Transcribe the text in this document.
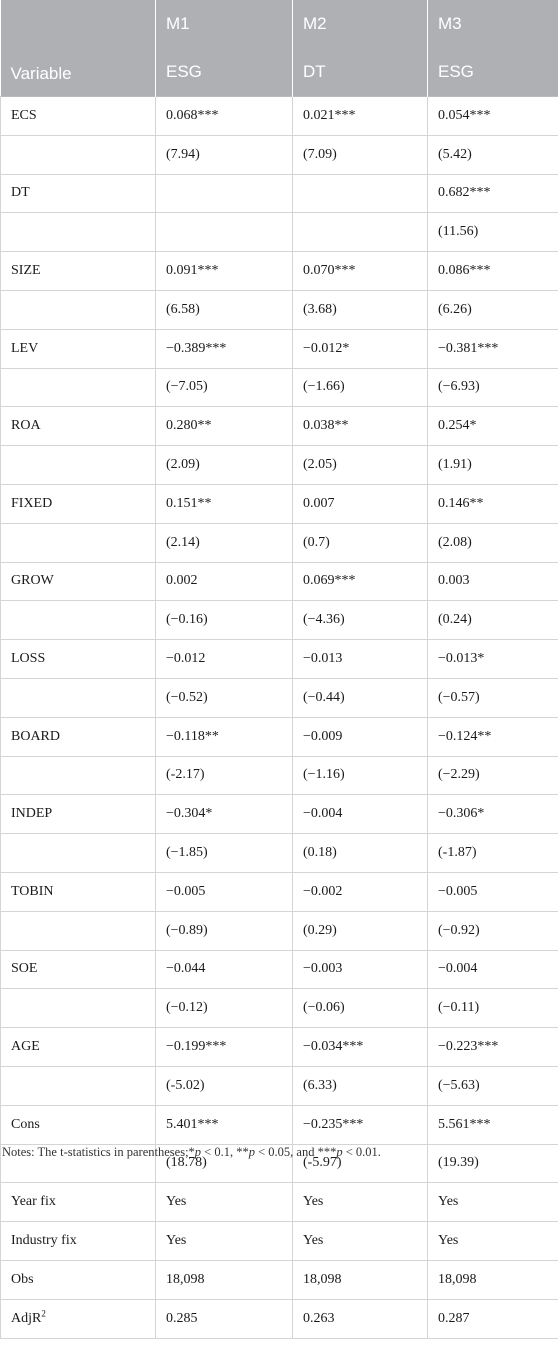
Variable	M1	M2	M3
	ESG	DT	ESG
ECS	0.068***	0.021***	0.054***
	(7.94)	(7.09)	(5.42)
DT			0.682***
			(11.56)
SIZE	0.091***	0.070***	0.086***
	(6.58)	(3.68)	(6.26)
LEV	−0.389***	−0.012*	−0.381***
	(−7.05)	(−1.66)	(−6.93)
ROA	0.280**	0.038**	0.254*
	(2.09)	(2.05)	(1.91)
FIXED	0.151**	0.007	0.146**
	(2.14)	(0.7)	(2.08)
GROW	0.002	0.069***	0.003
	(−0.16)	(−4.36)	(0.24)
LOSS	−0.012	−0.013	−0.013*
	(−0.52)	(−0.44)	(−0.57)
BOARD	−0.118**	−0.009	−0.124**
	(-2.17)	(−1.16)	(−2.29)
INDEP	−0.304*	−0.004	−0.306*
	(−1.85)	(0.18)	(-1.87)
TOBIN	−0.005	−0.002	−0.005
	(−0.89)	(0.29)	(−0.92)
SOE	−0.044	−0.003	−0.004
	(−0.12)	(−0.06)	(−0.11)
AGE	−0.199***	−0.034***	−0.223***
	(-5.02)	(6.33)	(−5.63)
Cons	5.401***	−0.235***	5.561***
	(18.78)	(-5.97)	(19.39)
Year fix	Yes	Yes	Yes
Industry fix	Yes	Yes	Yes
Obs	18,098	18,098	18,098
AdjR$^2$	0.285	0.263	0.287
Notes: The t-statistics in parentheses;*p < 0.1, **p < 0.05, and ***p < 0.01.
